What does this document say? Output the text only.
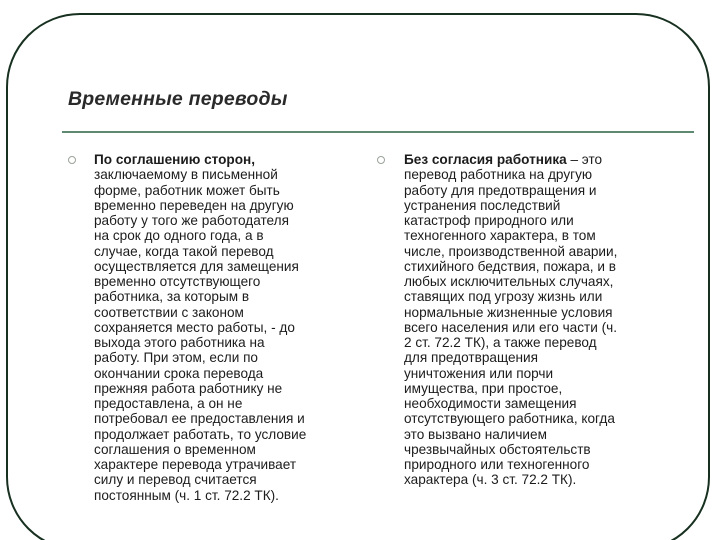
Временные переводы
По соглашению сторон,
заключаемому в письменной
форме, работник может быть
временно переведен на другую
работу у того же работодателя
на срок до одного года, а в
случае, когда такой перевод
осуществляется для замещения
временно отсутствующего
работника, за которым в
соответствии с законом
сохраняется место работы, - до
выхода этого работника на
работу. При этом, если по
окончании срока перевода
прежняя работа работнику не
предоставлена, а он не
потребовал ее предоставления и
продолжает работать, то условие
соглашения о временном
характере перевода утрачивает
силу и перевод считается
постоянным (ч. 1 ст. 72.2 ТК).
Без согласия работника – это
перевод работника на другую
работу для предотвращения и
устранения последствий
катастроф природного или
техногенного характера, в том
числе, производственной аварии,
стихийного бедствия, пожара, и в
любых исключительных случаях,
ставящих под угрозу жизнь или
нормальные жизненные условия
всего населения или его части (ч.
2 ст. 72.2 ТК), а также перевод
для предотвращения
уничтожения или порчи
имущества, при простое,
необходимости замещения
отсутствующего работника, когда
это вызвано наличием
чрезвычайных обстоятельств
природного или техногенного
характера (ч. 3 ст. 72.2 ТК).
